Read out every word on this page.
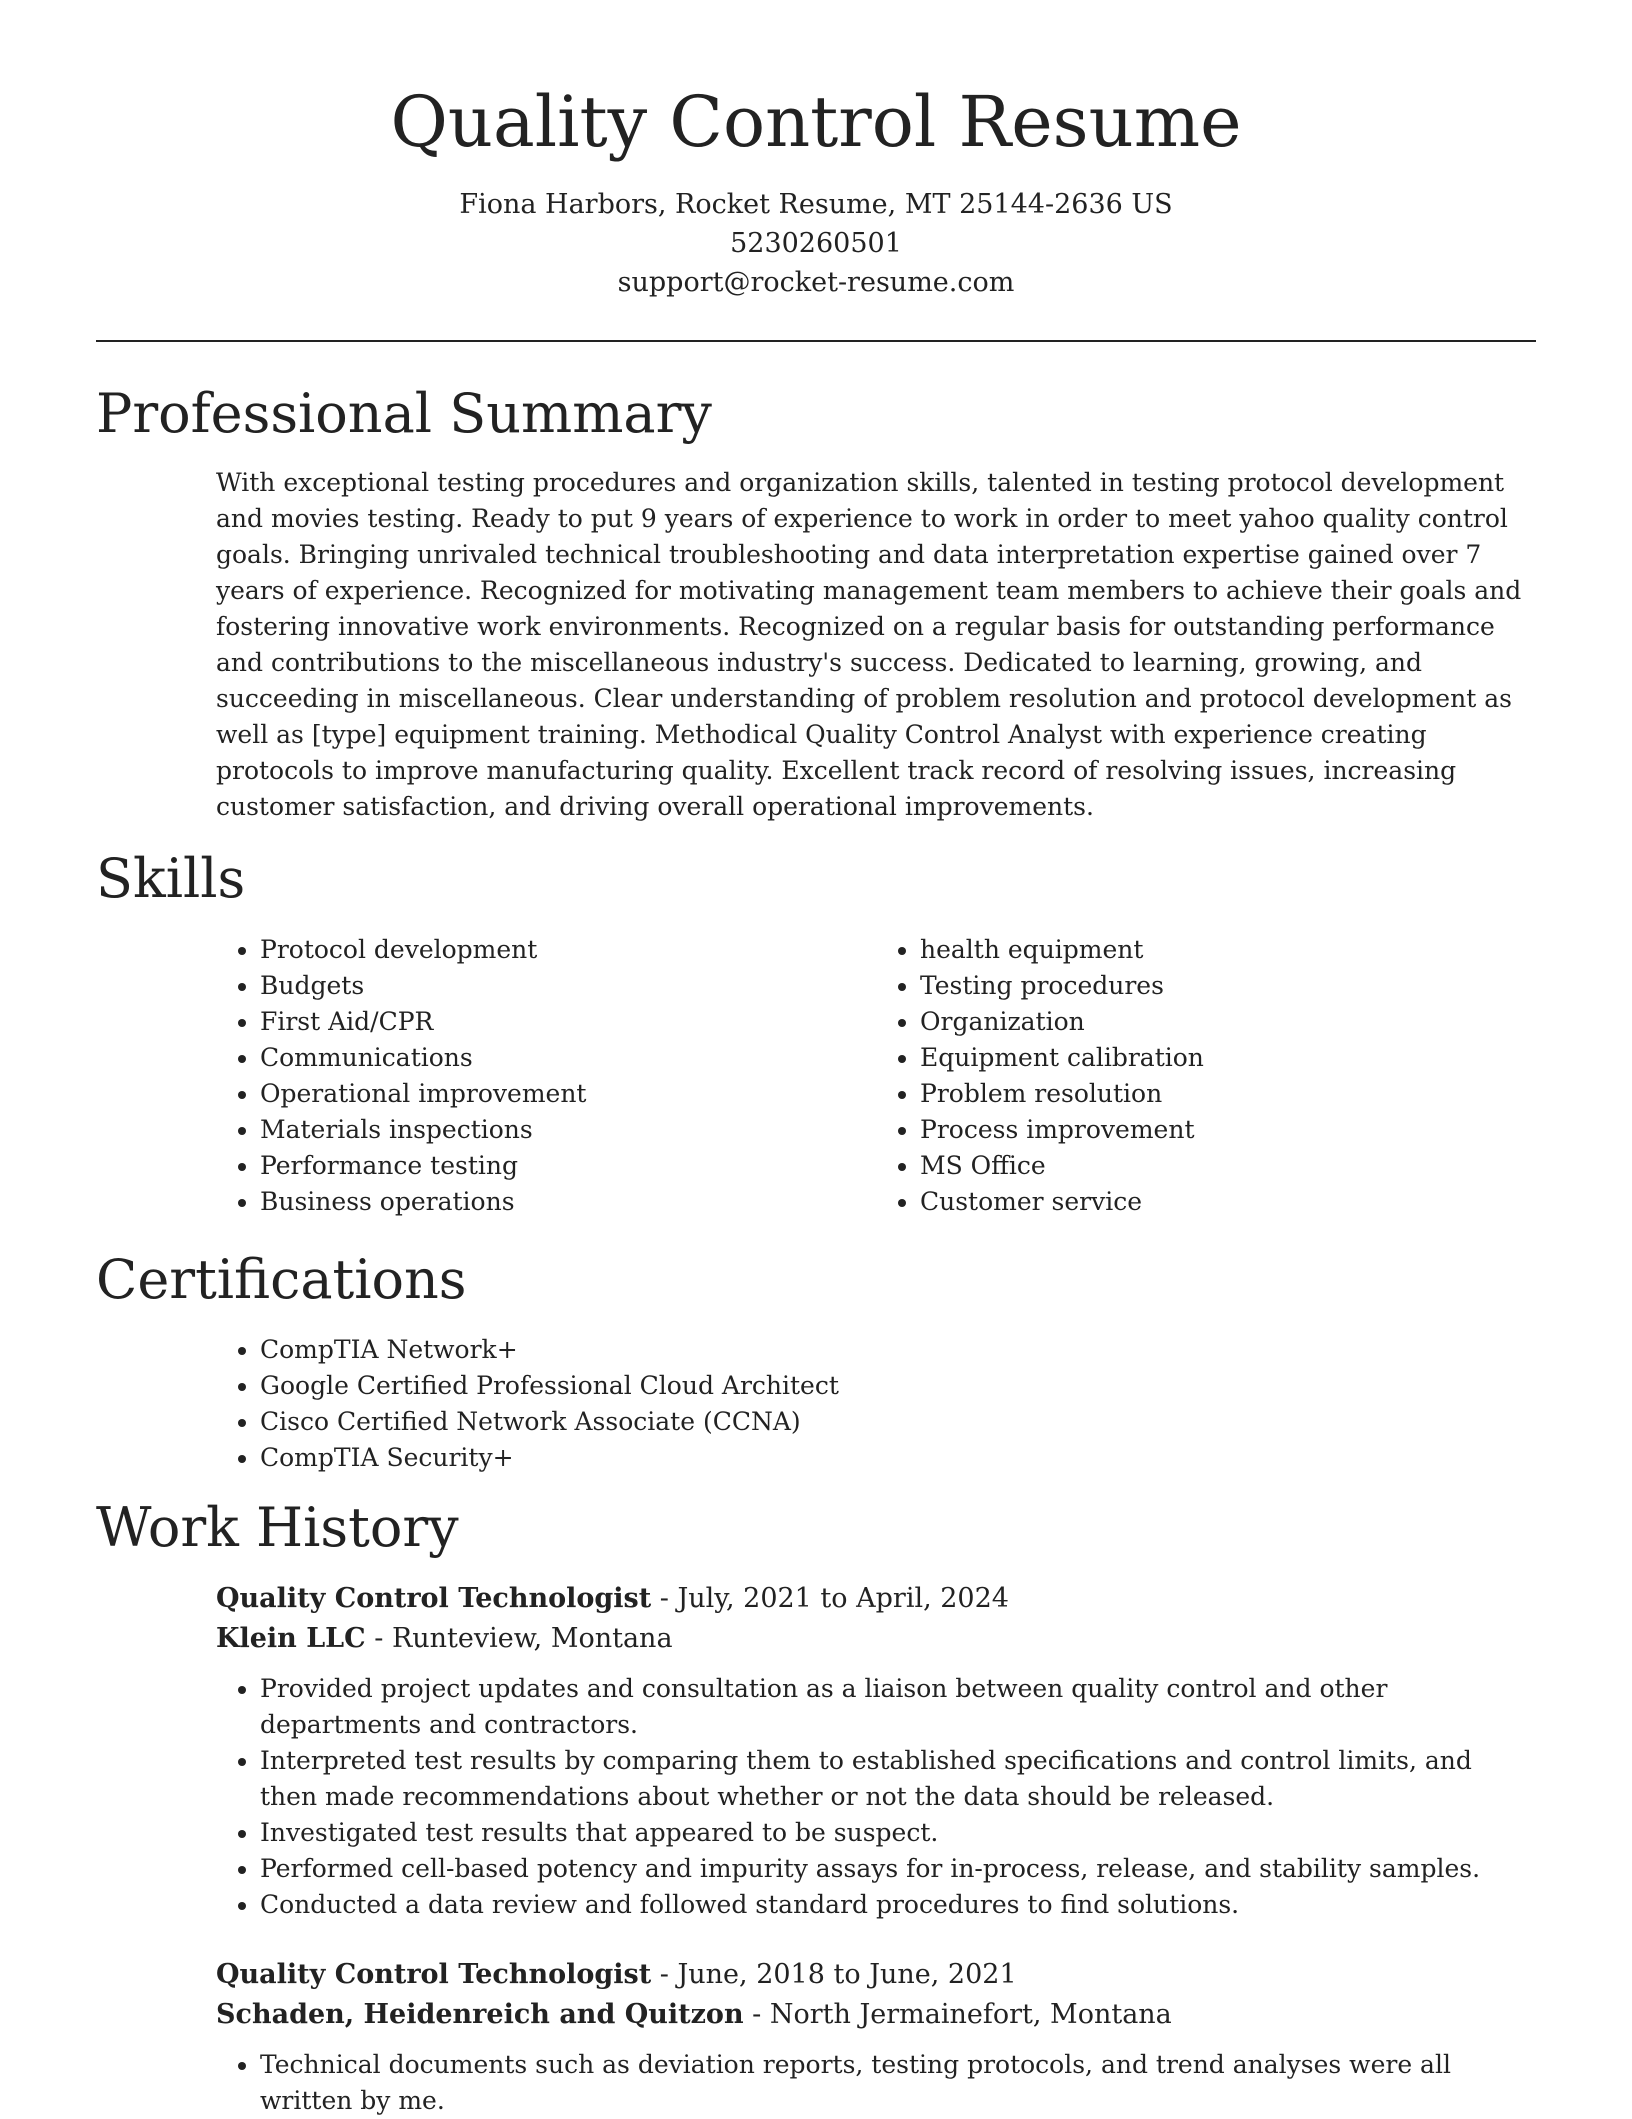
Quality Control Resume
Fiona Harbors, Rocket Resume, MT 25144-2636 US
5230260501
support@rocket-resume.com
Professional Summary

With exceptional testing procedures and organization skills, talented in testing protocol development and movies testing. Ready to put 9 years of experience to work in order to meet yahoo quality control goals. Bringing unrivaled technical troubleshooting and data interpretation expertise gained over 7 years of experience. Recognized for motivating management team members to achieve their goals and fostering innovative work environments. Recognized on a regular basis for outstanding performance and contributions to the miscellaneous industry's success. Dedicated to learning, growing, and succeeding in miscellaneous. Clear understanding of problem resolution and protocol development as well as [type] equipment training. Methodical Quality Control Analyst with experience creating protocols to improve manufacturing quality. Excellent track record of resolving issues, increasing customer satisfaction, and driving overall operational improvements.

Skills
• Protocol development
• Budgets
• First Aid/CPR
• Communications
• Operational improvement
• Materials inspections
• Performance testing
• Business operations
• health equipment
• Testing procedures
• Organization
• Equipment calibration
• Problem resolution
• Process improvement
• MS Office
• Customer service
Certifications
• CompTIA Network+
• Google Certified Professional Cloud Architect
• Cisco Certified Network Associate (CCNA)
• CompTIA Security+
Work History
Quality Control Technologist - July, 2021 to April, 2024
Klein LLC - Runteview, Montana
• Provided project updates and consultation as a liaison between quality control and other departments and contractors.
• Interpreted test results by comparing them to established specifications and control limits, and then made recommendations about whether or not the data should be released.
• Investigated test results that appeared to be suspect.
• Performed cell-based potency and impurity assays for in-process, release, and stability samples.
• Conducted a data review and followed standard procedures to find solutions.
Quality Control Technologist - June, 2018 to June, 2021
Schaden, Heidenreich and Quitzon - North Jermainefort, Montana
• Technical documents such as deviation reports, testing protocols, and trend analyses were all written by me.
